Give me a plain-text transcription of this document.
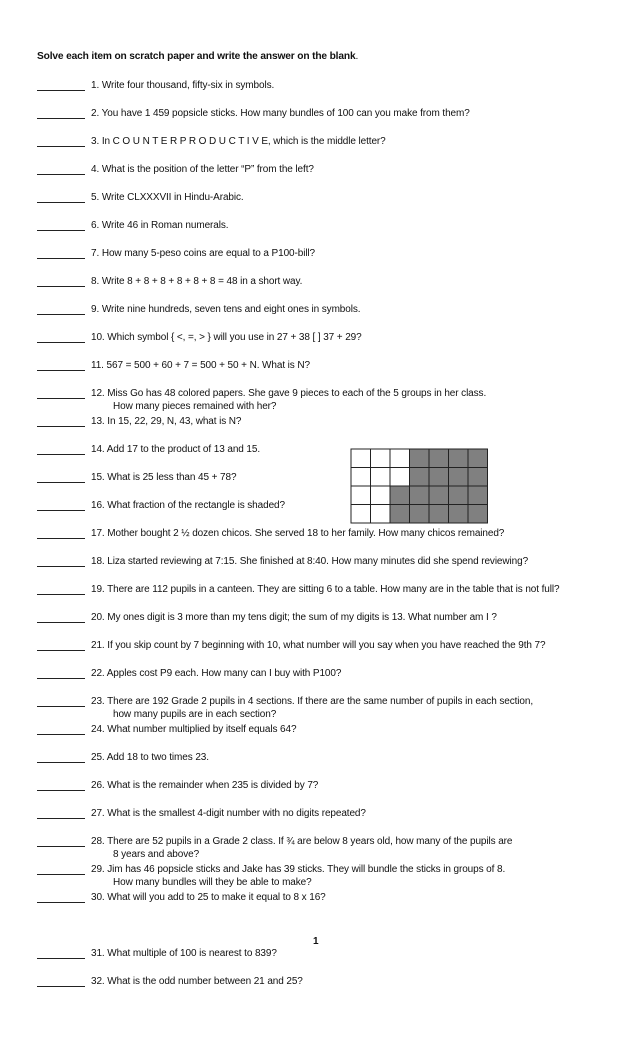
Solve each item on scratch paper and write the answer on the blank.
1. Write four thousand, fifty-six in symbols.
2. You have 1 459 popsicle sticks. How many bundles of 100 can you make from them?
3. In C O U N T E R P R O D U C T I V E, which is the middle letter?
4. What is the position of the letter “P” from the left?
5. Write CLXXXVII in Hindu-Arabic.
6. Write 46 in Roman numerals.
7. How many 5-peso coins are equal to a P100-bill?
8. Write 8 + 8 + 8 + 8 + 8 + 8 = 48 in a short way.
9. Write nine hundreds, seven tens and eight ones in symbols.
10. Which symbol { <, =, > } will you use in 27 + 38 [ ] 37 + 29?
11. 567 = 500 + 60 + 7 = 500 + 50 + N. What is N?
12. Miss Go has 48 colored papers. She gave 9 pieces to each of the 5 groups in her class.
How many pieces remained with her?
13. In 15, 22, 29, N, 43, what is N?
14. Add 17 to the product of 13 and 15.
15. What is 25 less than 45 + 78?
16. What fraction of the rectangle is shaded?
17. Mother bought 2 ½ dozen chicos. She served 18 to her family. How many chicos remained?
18. Liza started reviewing at 7:15. She finished at 8:40. How many minutes did she spend reviewing?
19. There are 112 pupils in a canteen. They are sitting 6 to a table. How many are in the table that is not full?
20. My ones digit is 3 more than my tens digit; the sum of my digits is 13. What number am I ?
21. If you skip count by 7 beginning with 10, what number will you say when you have reached the 9th 7?
22. Apples cost P9 each. How many can I buy with P100?
23. There are 192 Grade 2 pupils in 4 sections. If there are the same number of pupils in each section,
how many pupils are in each section?
24. What number multiplied by itself equals 64?
25. Add 18 to two times 23.
26. What is the remainder when 235 is divided by 7?
27. What is the smallest 4-digit number with no digits repeated?
28. There are 52 pupils in a Grade 2 class. If ¾ are below 8 years old, how many of the pupils are
8 years and above?
29. Jim has 46 popsicle sticks and Jake has 39 sticks. They will bundle the sticks in groups of 8.
How many bundles will they be able to make?
30. What will you add to 25 to make it equal to 8 x 16?
31. What multiple of 100 is nearest to 839?
32. What is the odd number between 21 and 25?
1
